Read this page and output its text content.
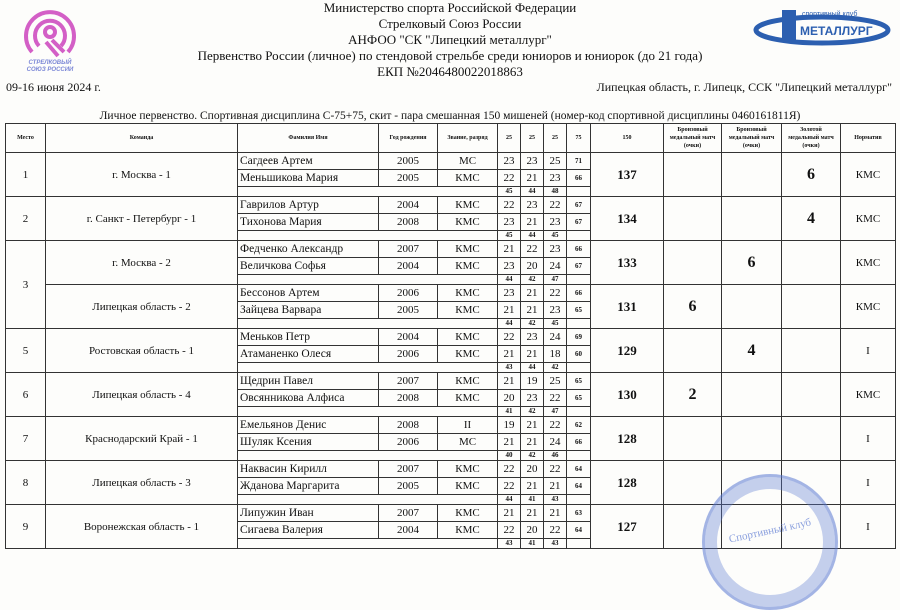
СТРЕЛКОВЫЙ СОЮЗ РОССИИ
спортивный клуб
МЕТАЛЛУРГ
Министерство спорта Российской Федерации
Стрелковый Союз России
АНФОО "СК "Липецкий металлург"
Первенство России (личное) по стендовой стрельбе среди юниоров и юниорок (до 21 года)
ЕКП №2046480022018863
09-16 июня 2024 г.	Липецкая область, г. Липецк, ССК "Липецкий металлург"
Личное первенство. Спортивная дисциплина С-75+75, скит - пара смешанная 150 мишеней (номер-код спортивной дисциплины 0460161811Я)
Место	Команда	Фамилия Имя	Год рождения	Звание, разряд	25	25	25	75	150	Бронзовый медальный матч (очки)	Бронзовый медальный матч (очки)	Золотой медальный матч (очки)	Норматив
1	г. Москва - 1	Сагдеев Артем	2005	МС	23	23	25	71	137			6	КМС
		Меньшикова Мария	2005	КМС	22	21	23	66					
					45	44	48						
2	г. Санкт - Петербург - 1	Гаврилов Артур	2004	КМС	22	23	22	67	134			4	КМС
		Тихонова Мария	2008	КМС	23	21	23	67					
					45	44	45						
3	г. Москва - 2	Федченко Александр	2007	КМС	21	22	23	66	133		6		КМС
		Величкова Софья	2004	КМС	23	20	24	67					
					44	42	47						
	Липецкая область - 2	Бессонов Артем	2006	КМС	23	21	22	66	131	6			КМС
		Зайцева Варвара	2005	КМС	21	21	23	65					
					44	42	45						
5	Ростовская область - 1	Меньков Петр	2004	КМС	22	23	24	69	129		4		I
		Атаманенко Олеся	2006	КМС	21	21	18	60					
					43	44	42						
6	Липецкая область - 4	Щедрин Павел	2007	КМС	21	19	25	65	130	2			КМС
		Овсянникова Алфиса	2008	КМС	20	23	22	65					
					41	42	47						
7	Краснодарский Край - 1	Емельянов Денис	2008	II	19	21	22	62	128				I
		Шуляк Ксения	2006	МС	21	21	24	66					
					40	42	46						
8	Липецкая область - 3	Наквасин Кирилл	2007	КМС	22	20	22	64	128				I
		Жданова Маргарита	2005	КМС	22	21	21	64					
					44	41	43						
9	Воронежская область - 1	Липужин Иван	2007	КМС	21	21	21	63	127				I
		Сигаева Валерия	2004	КМС	22	20	22	64					
					43	41	43							Спортивный клуб
